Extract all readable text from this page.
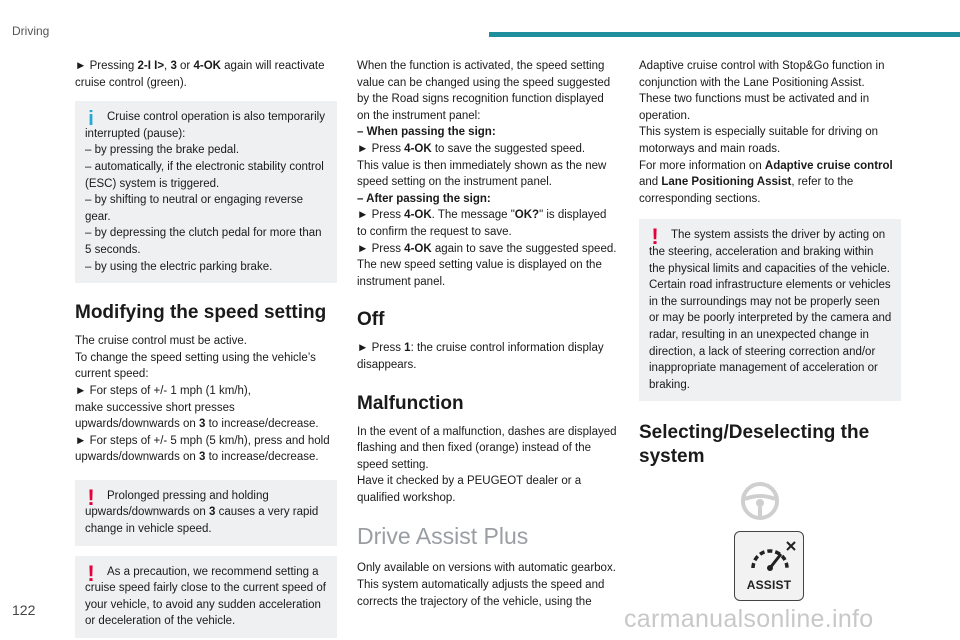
Driving

► Pressing 2-I I>, 3 or 4-OK again will reactivate cruise control (green).

i	Cruise control operation is also temporarily interrupted (pause):

– by pressing the brake pedal.

– automatically, if the electronic stability control (ESC) system is triggered.

– by shifting to neutral or engaging reverse gear.

– by depressing the clutch pedal for more than 5 seconds.

– by using the electric parking brake.

Modifying the speed setting

The cruise control must be active.

To change the speed setting using the vehicle’s current speed:

► For steps of +/- 1 mph (1 km/h),

make successive short presses upwards/downwards on 3 to increase/decrease.

► For steps of +/- 5 mph (5 km/h), press and hold upwards/downwards on 3 to increase/decrease.

!	Prolonged pressing and holding upwards/downwards on 3 causes a very rapid change in vehicle speed.

!	As a precaution, we recommend setting a cruise speed fairly close to the current speed of your vehicle, to avoid any sudden acceleration or deceleration of the vehicle.

When the function is activated, the speed setting value can be changed using the speed suggested by the Road signs recognition function displayed on the instrument panel:

– When passing the sign:

► Press 4-OK to save the suggested speed.

This value is then immediately shown as the new speed setting on the instrument panel.

– After passing the sign:

► Press 4-OK. The message "OK?" is displayed to confirm the request to save.

► Press 4-OK again to save the suggested speed. The new speed setting value is displayed on the instrument panel.

Off

► Press 1: the cruise control information display disappears.

Malfunction

In the event of a malfunction, dashes are displayed flashing and then fixed (orange) instead of the speed setting.

Have it checked by a PEUGEOT dealer or a qualified workshop.

Drive Assist Plus

Only available on versions with automatic gearbox.

This system automatically adjusts the speed and corrects the trajectory of the vehicle, using the

Adaptive cruise control with Stop&Go function in conjunction with the Lane Positioning Assist.

These two functions must be activated and in operation.

This system is especially suitable for driving on motorways and main roads.

For more information on Adaptive cruise control and Lane Positioning Assist, refer to the corresponding sections.

!	The system assists the driver by acting on the steering, acceleration and braking within the physical limits and capacities of the vehicle. Certain road infrastructure elements or vehicles in the surroundings may not be properly seen or may be poorly interpreted by the camera and radar, resulting in an unexpected change in direction, a lack of steering correction and/or inappropriate management of acceleration or braking.

Selecting/Deselecting the system
ASSIST
122	carmanualsonline.info
